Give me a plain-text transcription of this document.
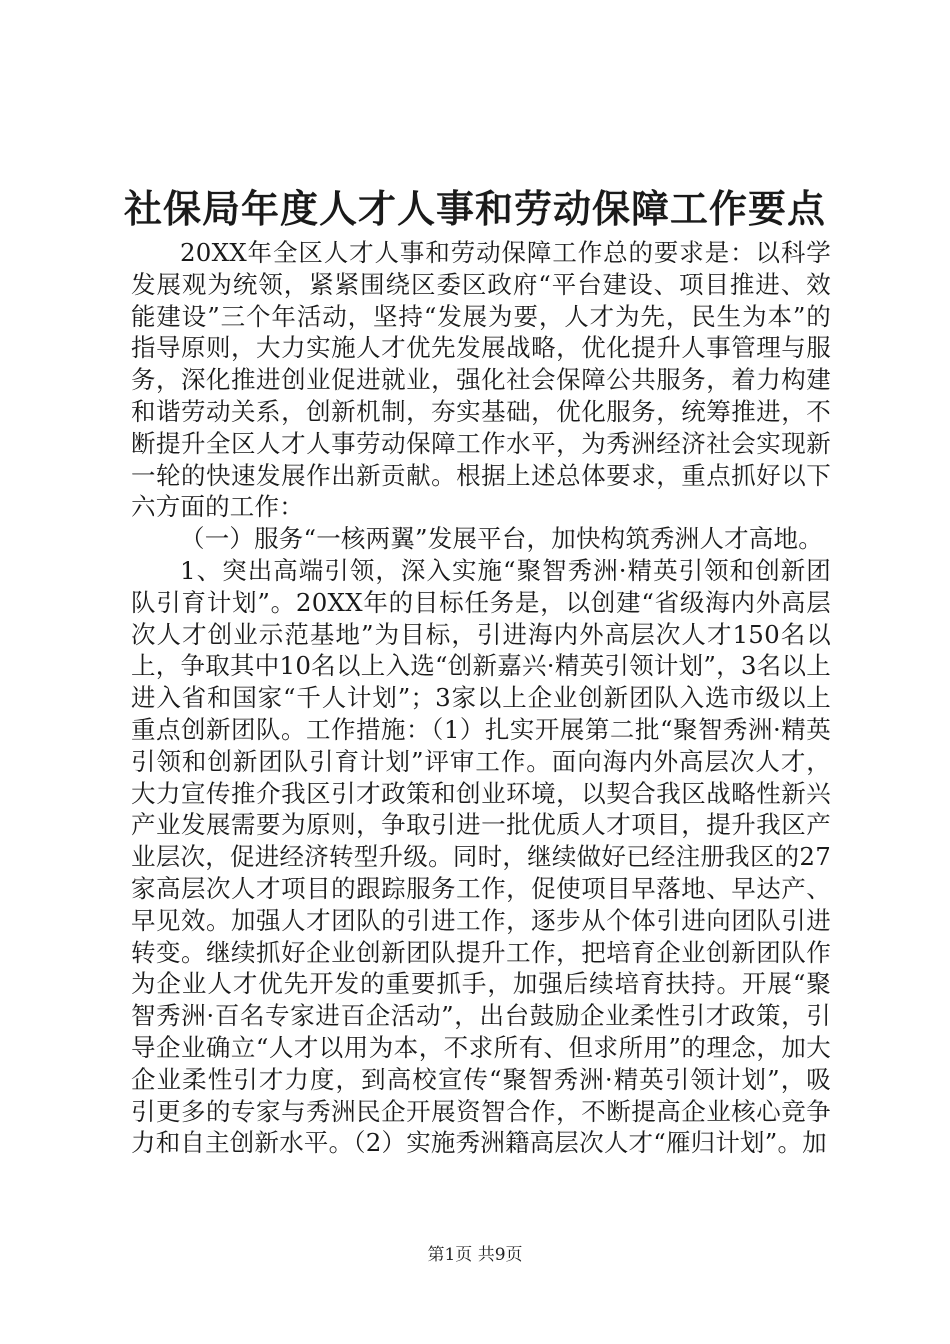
社保局年度人才人事和劳动保障工作要点

20XX年全区人才人事和劳动保障工作总的要求是：以科学发展观为统领，紧紧围绕区委区政府“平台建设、项目推进、效能建设”三个年活动，坚持“发展为要，人才为先，民生为本”的指导原则，大力实施人才优先发展战略，优化提升人事管理与服务，深化推进创业促进就业，强化社会保障公共服务，着力构建和谐劳动关系，创新机制，夯实基础，优化服务，统筹推进，不断提升全区人才人事劳动保障工作水平，为秀洲经济社会实现新一轮的快速发展作出新贡献。根据上述总体要求，重点抓好以下六方面的工作：

（一）服务“一核两翼”发展平台，加快构筑秀洲人才高地。

1、突出高端引领，深入实施“聚智秀洲·精英引领和创新团队引育计划”。20XX年的目标任务是，以创建“省级海内外高层次人才创业示范基地”为目标，引进海内外高层次人才150名以上，争取其中10名以上入选“创新嘉兴·精英引领计划”，3名以上进入省和国家“千人计划”；3家以上企业创新团队入选市级以上重点创新团队。工作措施：（1）扎实开展第二批“聚智秀洲·精英引领和创新团队引育计划”评审工作。面向海内外高层次人才，大力宣传推介我区引才政策和创业环境，以契合我区战略性新兴产业发展需要为原则，争取引进一批优质人才项目，提升我区产业层次，促进经济转型升级。同时，继续做好已经注册我区的27家高层次人才项目的跟踪服务工作，促使项目早落地、早达产、早见效。加强人才团队的引进工作，逐步从个体引进向团队引进转变。继续抓好企业创新团队提升工作，把培育企业创新团队作为企业人才优先开发的重要抓手，加强后续培育扶持。开展“聚智秀洲·百名专家进百企活动”，出台鼓励企业柔性引才政策，引导企业确立“人才以用为本，不求所有、但求所用”的理念，加大企业柔性引才力度，到高校宣传“聚智秀洲·精英引领计划”，吸引更多的专家与秀洲民企开展资智合作，不断提高企业核心竞争力和自主创新水平。（2）实施秀洲籍高层次人才“雁归计划”。加

第1页 共9页
